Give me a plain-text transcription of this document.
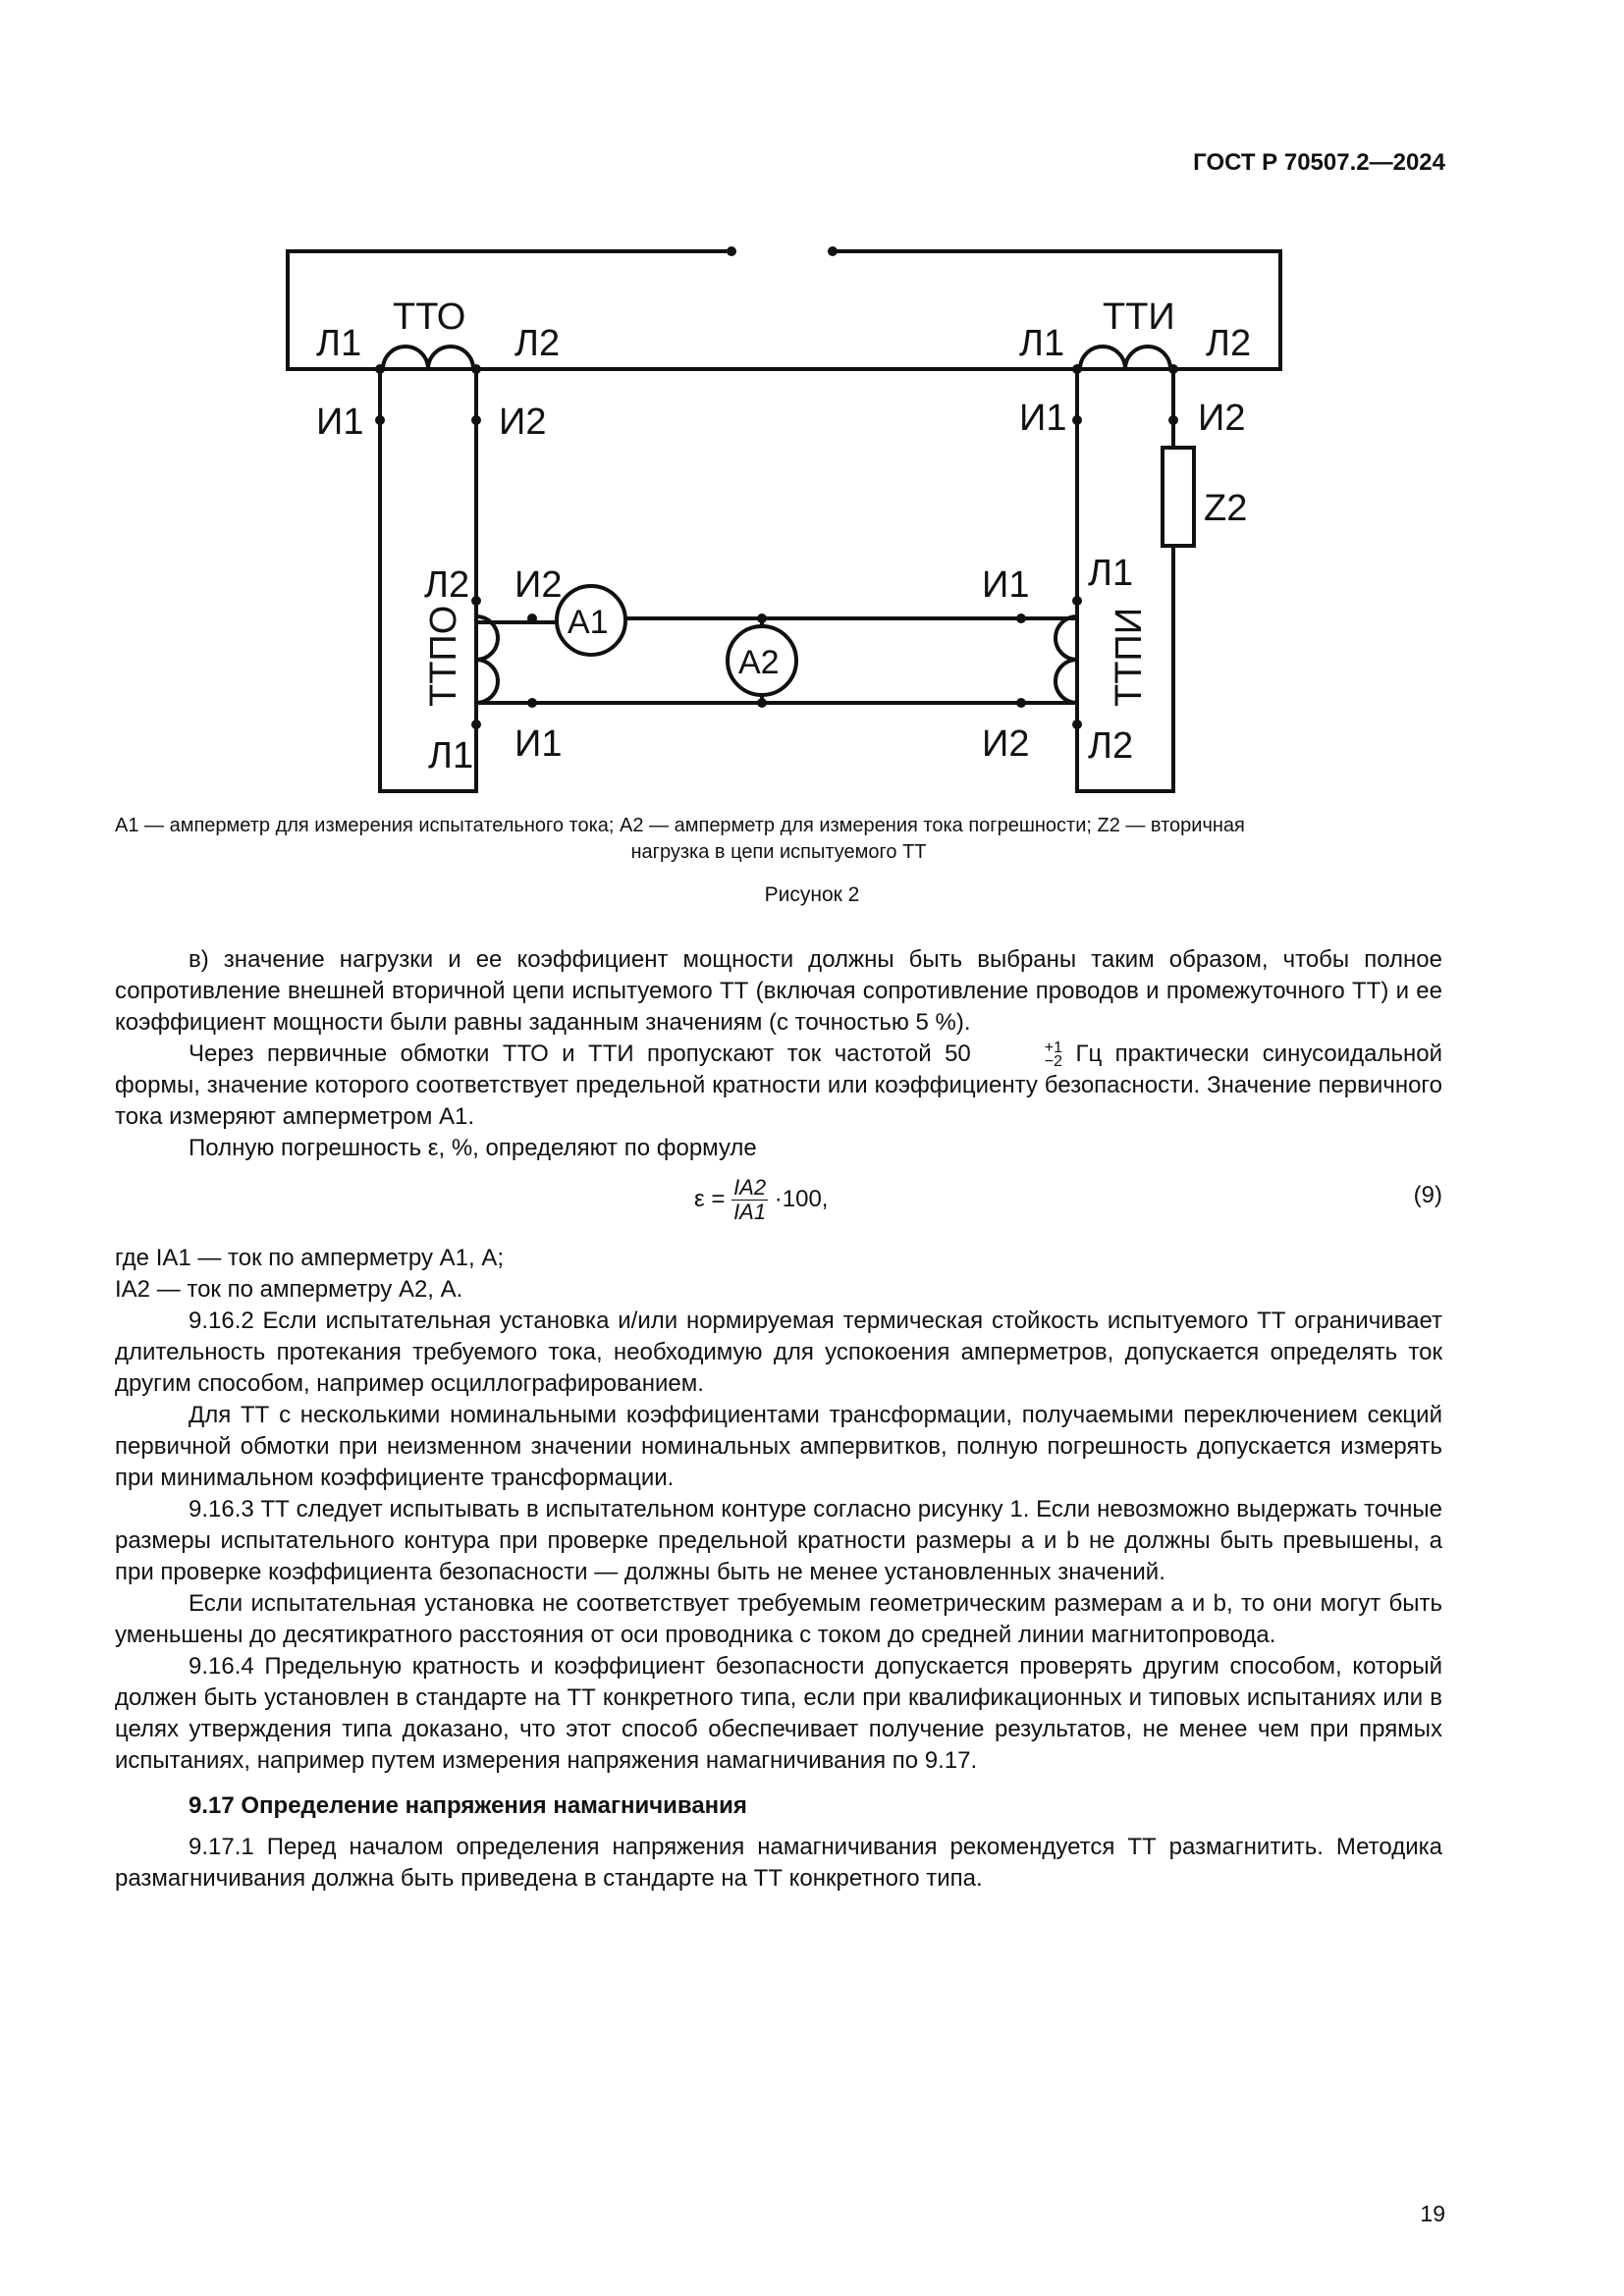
ГОСТ Р 70507.2—2024
ТТО	ТТИ
Л1	Л2	Л1	Л2
И1	И2	И1	И2
Z2
Л2 И2	И1 Л1
И1	И2
Л1	Л2
А1
А2
ТТПО	ТТПИ
А1 — амперметр для измерения испытательного тока; А2 — амперметр для измерения тока погрешности; Z2 — вторичная
нагрузка в цепи испытуемого ТТ
Рисунок 2

в) значение нагрузки и ее коэффициент мощности должны быть выбраны таким образом, чтобы полное сопротивление внешней вторичной цепи испытуемого ТТ (включая сопротивление проводов и промежуточного ТТ) и ее коэффициент мощности были равны заданным значениям (с точностью 5 %).

Через первичные обмотки ТТО и ТТИ пропускают ток частотой 50	+1
−2 Гц практически синусоидальной формы, значение которого соответствует предельной кратности или коэффициенту безопасности. Значение первичного тока измеряют амперметром А1.

Полную погрешность ε, %, определяют по формуле

$\varepsilon = \frac{IA2}{IA1} \cdot 100$,	(9)

где IA1 — ток по амперметру А1, А;

IA2 — ток по амперметру А2, А.

9.16.2 Если испытательная установка и/или нормируемая термическая стойкость испытуемого ТТ ограничивает длительность протекания требуемого тока, необходимую для успокоения амперметров, допускается определять ток другим способом, например осциллографированием.

Для ТТ с несколькими номинальными коэффициентами трансформации, получаемыми переключением секций первичной обмотки при неизменном значении номинальных ампервитков, полную погрешность допускается измерять при минимальном коэффициенте трансформации.

9.16.3 ТТ следует испытывать в испытательном контуре согласно рисунку 1. Если невозможно выдержать точные размеры испытательного контура при проверке предельной кратности размеры a и b не должны быть превышены, а при проверке коэффициента безопасности — должны быть не менее установленных значений.

Если испытательная установка не соответствует требуемым геометрическим размерам a и b, то они могут быть уменьшены до десятикратного расстояния от оси проводника с током до средней линии магнитопровода.

9.16.4 Предельную кратность и коэффициент безопасности допускается проверять другим способом, который должен быть установлен в стандарте на ТТ конкретного типа, если при квалификационных и типовых испытаниях или в целях утверждения типа доказано, что этот способ обеспечивает получение результатов, не менее чем при прямых испытаниях, например путем измерения напряжения намагничивания по 9.17.

9.17 Определение напряжения намагничивания

9.17.1 Перед началом определения напряжения намагничивания рекомендуется ТТ размагнитить. Методика размагничивания должна быть приведена в стандарте на ТТ конкретного типа.

19
